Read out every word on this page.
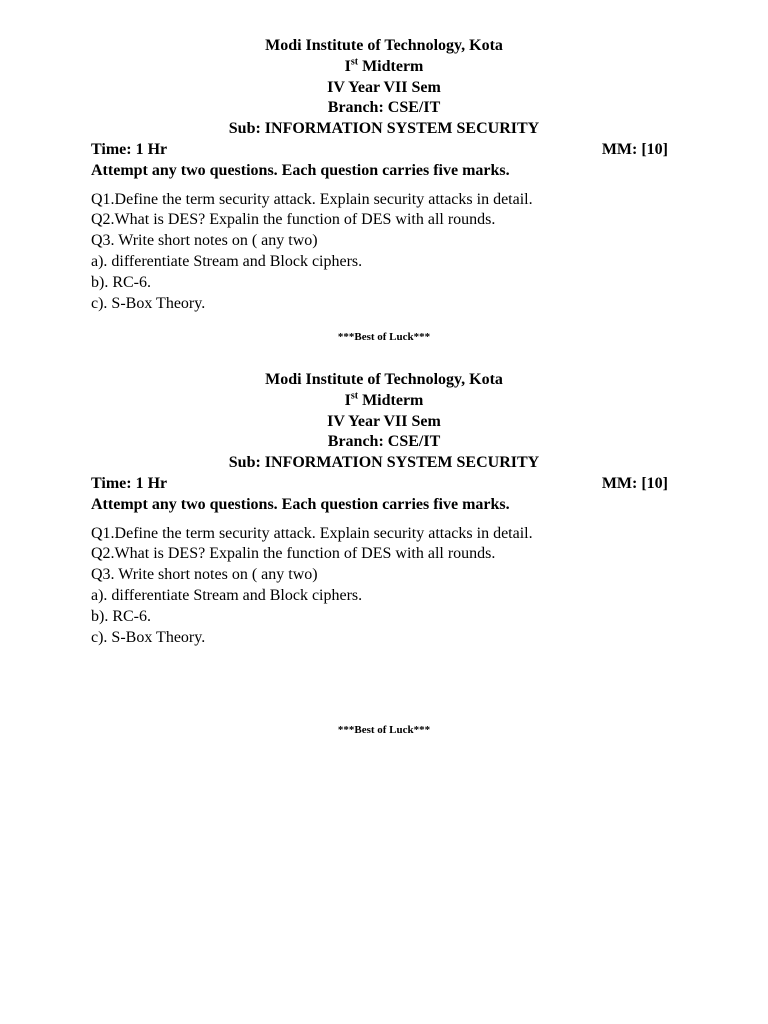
Modi Institute of Technology, Kota

Ist Midterm

IV Year VII Sem

Branch: CSE/IT

Sub: INFORMATION SYSTEM SECURITY

Time: 1 Hr	MM: [10]

Attempt any two questions. Each question carries five marks.

Q1.Define the term security attack. Explain security attacks in detail.
Q2.What is DES? Expalin the function of DES with all rounds.
Q3. Write short notes on ( any two)
a). differentiate Stream and Block ciphers.
b). RC-6.
c). S-Box Theory.

***Best of Luck***

Modi Institute of Technology, Kota

Ist Midterm

IV Year VII Sem

Branch: CSE/IT

Sub: INFORMATION SYSTEM SECURITY

Time: 1 Hr	MM: [10]

Attempt any two questions. Each question carries five marks.

Q1.Define the term security attack. Explain security attacks in detail.
Q2.What is DES? Expalin the function of DES with all rounds.
Q3. Write short notes on ( any two)
a). differentiate Stream and Block ciphers.
b). RC-6.
c). S-Box Theory.

***Best of Luck***
